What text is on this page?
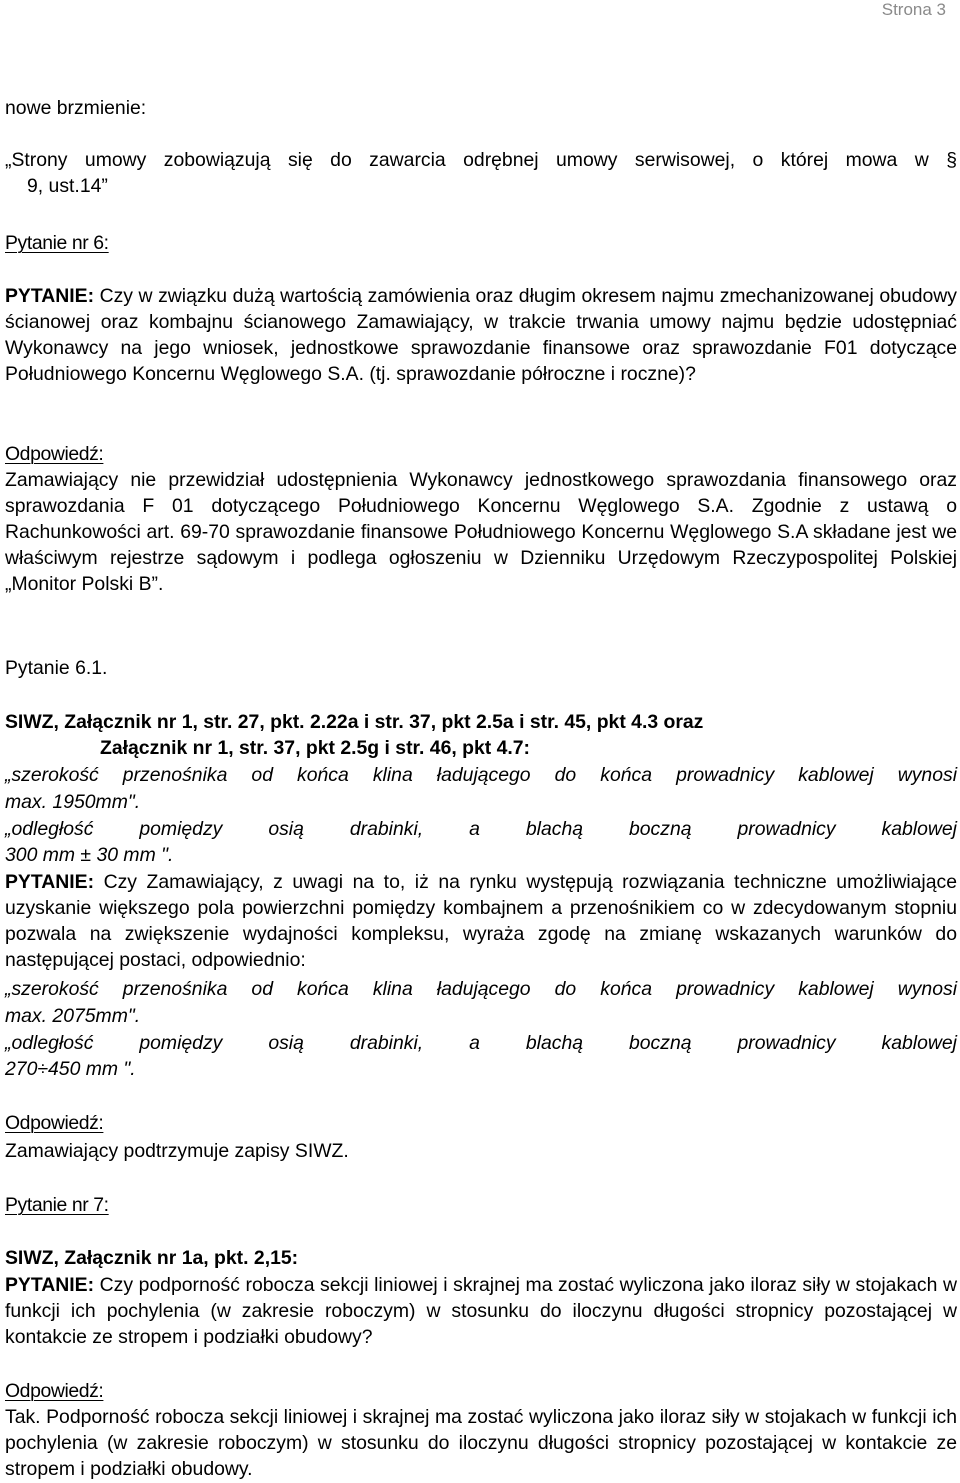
Strona 3
nowe brzmienie:
„Strony umowy zobowiązują się do zawarcia odrębnej umowy serwisowej, o której mowa w §
9, ust.14”
Pytanie nr 6:
PYTANIE: Czy w związku dużą wartością zamówienia oraz długim okresem najmu zmechanizowanej obudowy ścianowej oraz kombajnu ścianowego Zamawiający, w trakcie trwania umowy najmu będzie udostępniać Wykonawcy na jego wniosek, jednostkowe sprawozdanie finansowe oraz sprawozdanie F01 dotyczące Południowego Koncernu Węglowego S.A. (tj. sprawozdanie półroczne i roczne)?
Odpowiedź:
Zamawiający nie przewidział udostępnienia Wykonawcy jednostkowego sprawozdania finansowego oraz sprawozdania F 01 dotyczącego Południowego Koncernu Węglowego S.A. Zgodnie z ustawą o Rachunkowości art. 69-70 sprawozdanie finansowe Południowego Koncernu Węglowego S.A składane jest we właściwym rejestrze sądowym i podlega ogłoszeniu w Dzienniku Urzędowym Rzeczypospolitej Polskiej „Monitor Polski B”.
Pytanie 6.1.
SIWZ, Załącznik nr 1, str. 27, pkt. 2.22a i str. 37, pkt 2.5a i str. 45, pkt 4.3 oraz
Załącznik nr 1, str. 37, pkt 2.5g i str. 46, pkt 4.7:
„szerokość przenośnika od końca klina ładującego do końca prowadnicy kablowej wynosi
max. 1950mm".
„odległość pomiędzy osią drabinki, a blachą boczną prowadnicy kablowej
300 mm ± 30 mm ".
PYTANIE: Czy Zamawiający, z uwagi na to, iż na rynku występują rozwiązania techniczne umożliwiające uzyskanie większego pola powierzchni pomiędzy kombajnem a przenośnikiem co w zdecydowanym stopniu pozwala na zwiększenie wydajności kompleksu, wyraża zgodę na zmianę wskazanych warunków do następującej postaci, odpowiednio:
„szerokość przenośnika od końca klina ładującego do końca prowadnicy kablowej wynosi
max. 2075mm".
„odległość pomiędzy osią drabinki, a blachą boczną prowadnicy kablowej
270÷450 mm ".
Odpowiedź:
Zamawiający podtrzymuje zapisy SIWZ.
Pytanie nr 7:
SIWZ, Załącznik nr 1a, pkt. 2,15:
PYTANIE: Czy podporność robocza sekcji liniowej i skrajnej ma zostać wyliczona jako iloraz siły w stojakach w funkcji ich pochylenia (w zakresie roboczym) w stosunku do iloczynu długości stropnicy pozostającej w kontakcie ze stropem i podziałki obudowy?
Odpowiedź:
Tak. Podporność robocza sekcji liniowej i skrajnej ma zostać wyliczona jako iloraz siły w stojakach w funkcji ich pochylenia (w zakresie roboczym) w stosunku do iloczynu długości stropnicy pozostającej w kontakcie ze stropem i podziałki obudowy.
